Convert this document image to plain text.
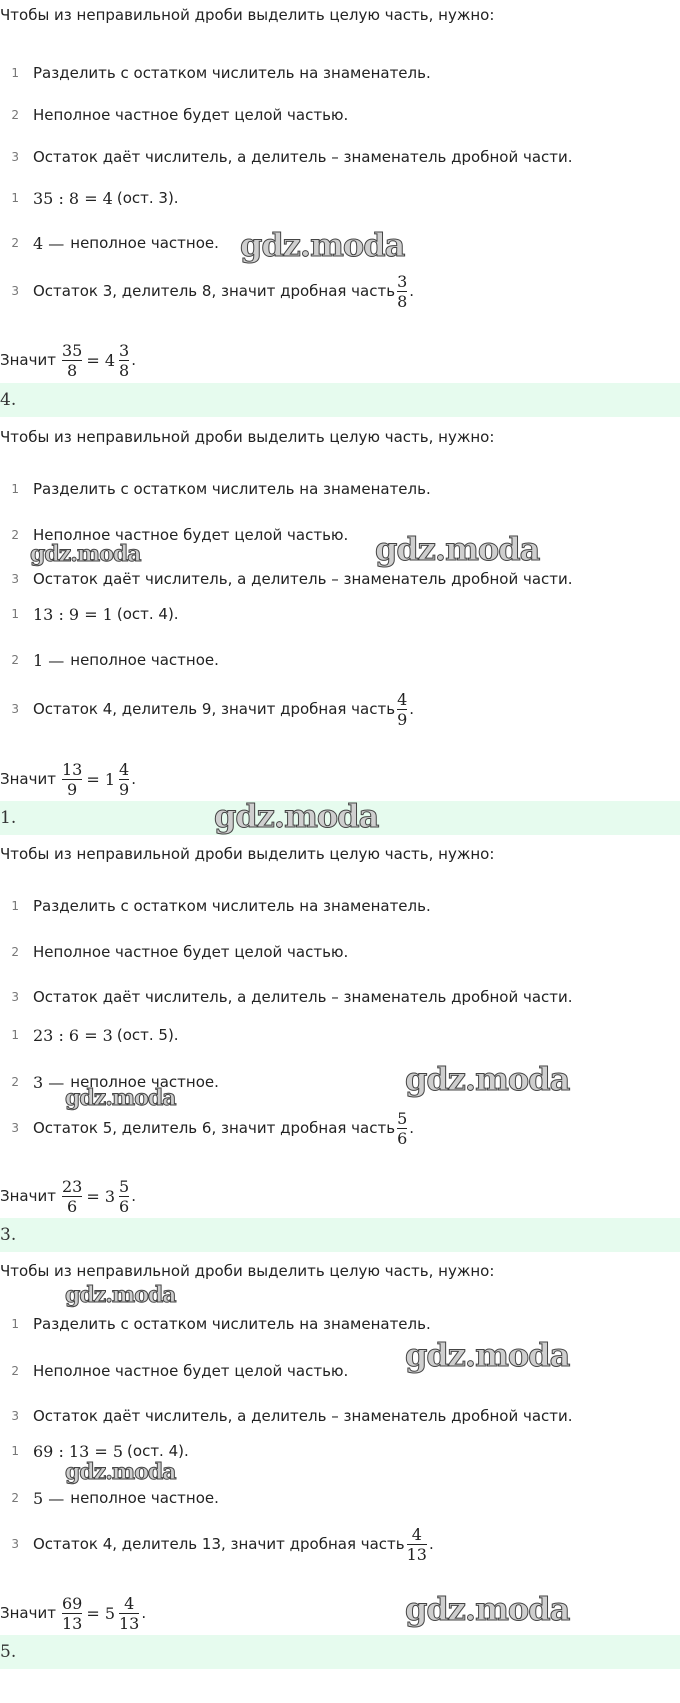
Чтобы из неправильной дроби выделить целую часть, нужно:
1 Разделить с остатком числитель на знаменатель.
2 Неполное частное будет целой частью.
3 Остаток даёт числитель, а делитель – знаменатель дробной части.
1 35 : 8 = 4 (ост. 3).
2 4 — неполное частное.
3 Остаток 3, делитель 8, значит дробная часть $\frac{3}{8}$ .
Значит $\frac{35}{8} = 4 \frac{3}{8}$ .
4.
Чтобы из неправильной дроби выделить целую часть, нужно:
1 Разделить с остатком числитель на знаменатель.
2 Неполное частное будет целой частью.
3 Остаток даёт числитель, а делитель – знаменатель дробной части.
1 13 : 9 = 1 (ост. 4).
2 1 — неполное частное.
3 Остаток 4, делитель 9, значит дробная часть $\frac{4}{9}$ .
Значит $\frac{13}{9} = 1 \frac{4}{9}$ .
1.
Чтобы из неправильной дроби выделить целую часть, нужно:
1 Разделить с остатком числитель на знаменатель.
2 Неполное частное будет целой частью.
3 Остаток даёт числитель, а делитель – знаменатель дробной части.
1 23 : 6 = 3 (ост. 5).
2 3 — неполное частное.
3 Остаток 5, делитель 6, значит дробная часть $\frac{5}{6}$ .
Значит $\frac{23}{6} = 3 \frac{5}{6}$ .
3.
Чтобы из неправильной дроби выделить целую часть, нужно:
1 Разделить с остатком числитель на знаменатель.
2 Неполное частное будет целой частью.
3 Остаток даёт числитель, а делитель – знаменатель дробной части.
1 69 : 13 = 5 (ост. 4).
2 5 — неполное частное.
3 Остаток 4, делитель 13, значит дробная часть $\frac{4}{13}$ .
Значит $\frac{69}{13} = 5 \frac{4}{13}$ .
5.
gdz.moda
gdz.moda	gdz.moda
gdz.moda
gdz.moda
gdz.moda
gdz.moda
gdz.moda
gdz.moda
gdz.moda
